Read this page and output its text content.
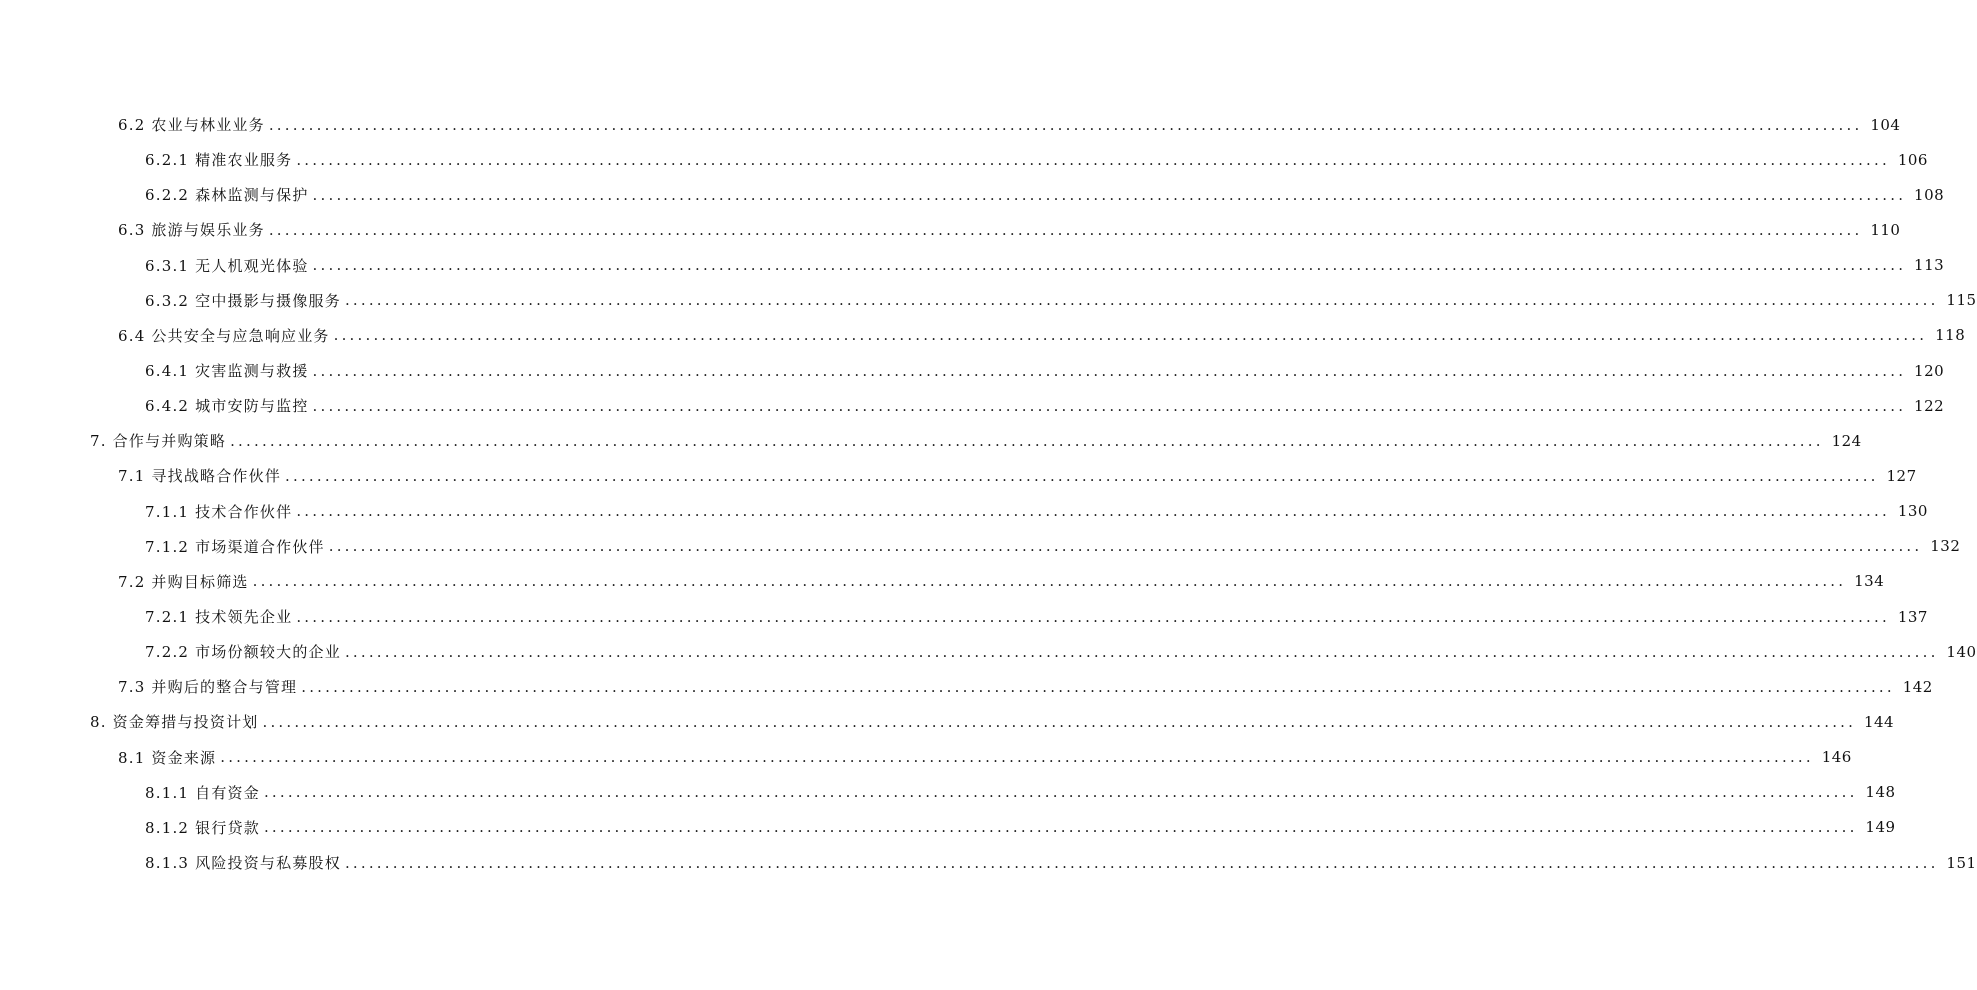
6.2 农业与林业业务 ........................................................................................................................................................................................................ 104
6.2.1 精准农业服务 ........................................................................................................................................................................................................ 106
6.2.2 森林监测与保护 ........................................................................................................................................................................................................ 108
6.3 旅游与娱乐业务 ........................................................................................................................................................................................................ 110
6.3.1 无人机观光体验 ........................................................................................................................................................................................................ 113
6.3.2 空中摄影与摄像服务 ........................................................................................................................................................................................................ 115
6.4 公共安全与应急响应业务 ........................................................................................................................................................................................................ 118
6.4.1 灾害监测与救援 ........................................................................................................................................................................................................ 120
6.4.2 城市安防与监控 ........................................................................................................................................................................................................ 122
7. 合作与并购策略 ........................................................................................................................................................................................................ 124
7.1 寻找战略合作伙伴 ........................................................................................................................................................................................................ 127
7.1.1 技术合作伙伴 ........................................................................................................................................................................................................ 130
7.1.2 市场渠道合作伙伴 ........................................................................................................................................................................................................ 132
7.2 并购目标筛选 ........................................................................................................................................................................................................ 134
7.2.1 技术领先企业 ........................................................................................................................................................................................................ 137
7.2.2 市场份额较大的企业 ........................................................................................................................................................................................................ 140
7.3 并购后的整合与管理 ........................................................................................................................................................................................................ 142
8. 资金筹措与投资计划 ........................................................................................................................................................................................................ 144
8.1 资金来源 ........................................................................................................................................................................................................ 146
8.1.1 自有资金 ........................................................................................................................................................................................................ 148
8.1.2 银行贷款 ........................................................................................................................................................................................................ 149
8.1.3 风险投资与私募股权 ........................................................................................................................................................................................................ 151
